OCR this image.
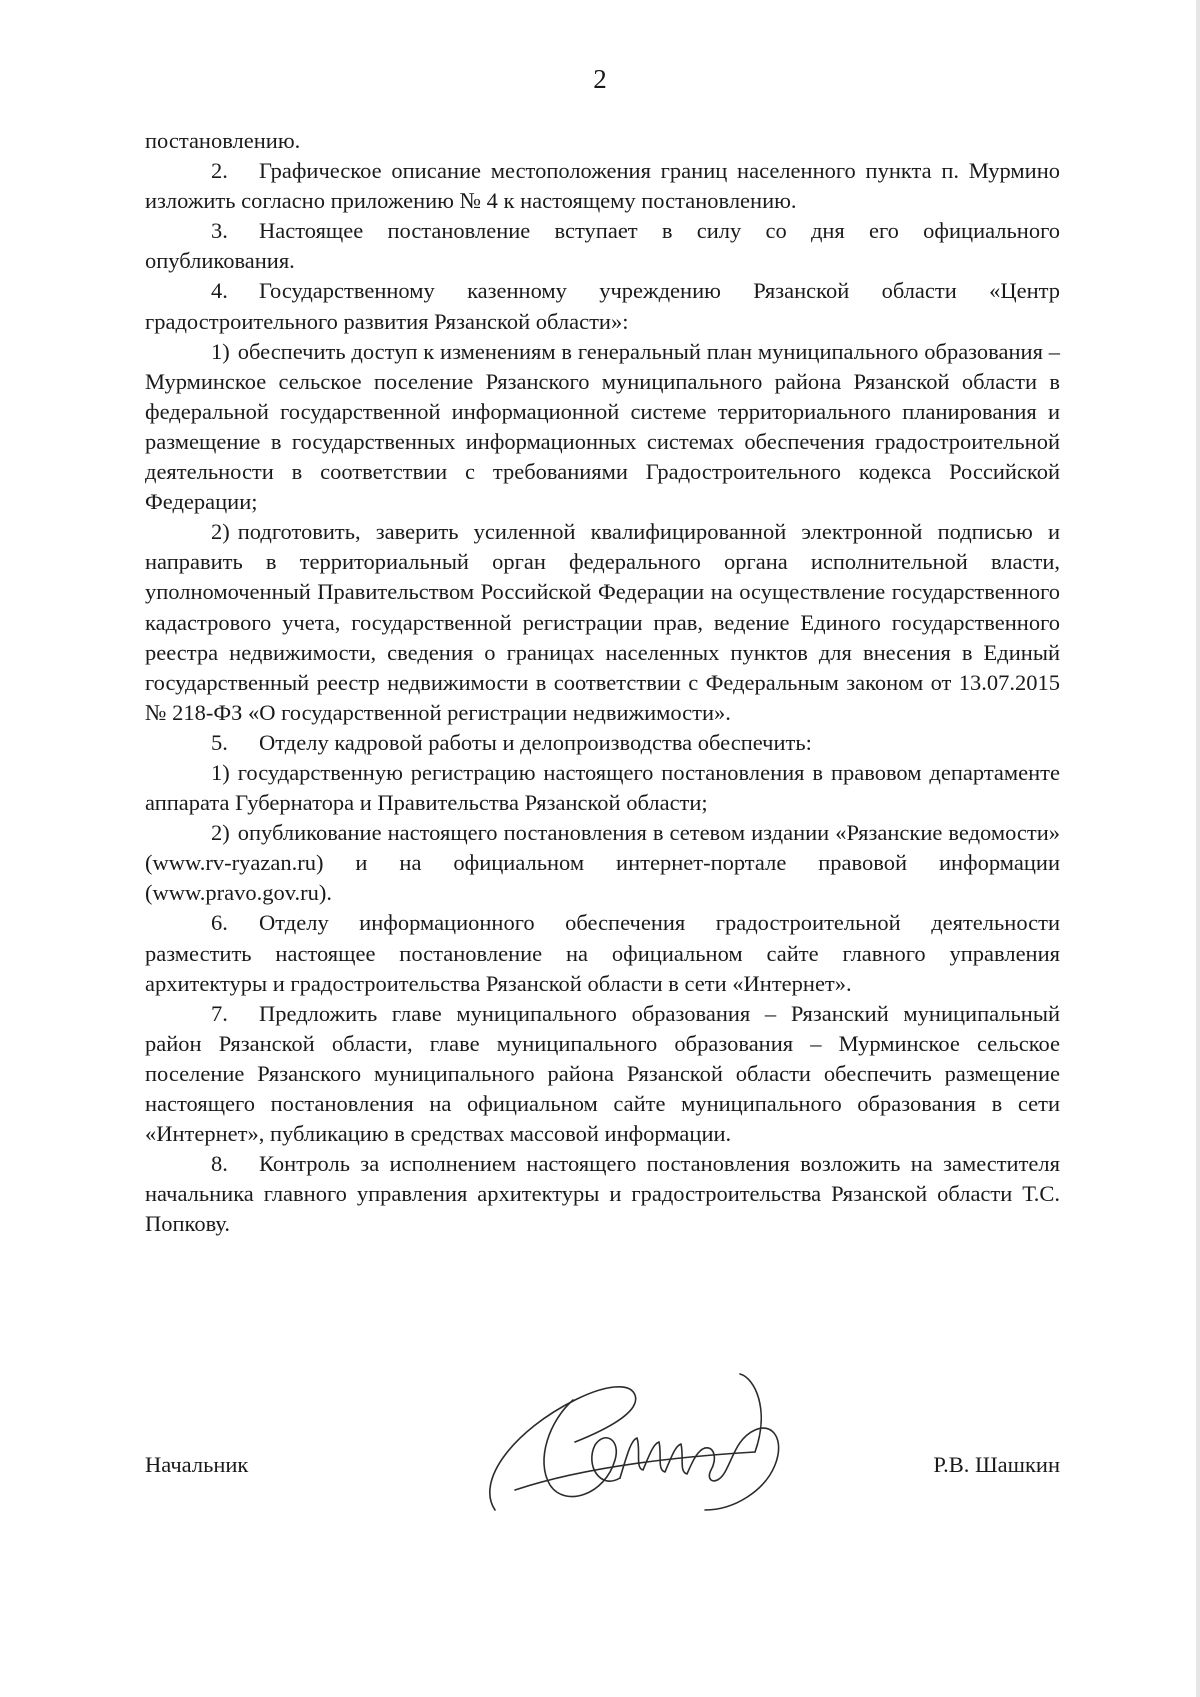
2

постановлению.

2. Графическое описание местоположения границ населенного пункта п. Мурмино изложить согласно приложению № 4 к настоящему постановлению.

3. Настоящее постановление вступает в силу со дня его официального опубликования.

4. Государственному казенному учреждению Рязанской области «Центр градостроительного развития Рязанской области»:

1) обеспечить доступ к изменениям в генеральный план муниципального образования – Мурминское сельское поселение Рязанского муниципального района Рязанской области в федеральной государственной информационной системе территориального планирования и размещение в государственных информационных системах обеспечения градостроительной деятельности в соответствии с требованиями Градостроительного кодекса Российской Федерации;

2) подготовить, заверить усиленной квалифицированной электронной подписью и направить в территориальный орган федерального органа исполнительной власти, уполномоченный Правительством Российской Федерации на осуществление государственного кадастрового учета, государственной регистрации прав, ведение Единого государственного реестра недвижимости, сведения о границах населенных пунктов для внесения в Единый государственный реестр недвижимости в соответствии с Федеральным законом от 13.07.2015 № 218-ФЗ «О государственной регистрации недвижимости».

5. Отделу кадровой работы и делопроизводства обеспечить:

1) государственную регистрацию настоящего постановления в правовом департаменте аппарата Губернатора и Правительства Рязанской области;

2) опубликование настоящего постановления в сетевом издании «Рязанские ведомости» (www.rv-ryazan.ru) и на официальном интернет-портале правовой информации (www.pravo.gov.ru).

6. Отделу информационного обеспечения градостроительной деятельности разместить настоящее постановление на официальном сайте главного управления архитектуры и градостроительства Рязанской области в сети «Интернет».

7. Предложить главе муниципального образования – Рязанский муниципальный район Рязанской области, главе муниципального образования – Мурминское сельское поселение Рязанского муниципального района Рязанской области обеспечить размещение настоящего постановления на официальном сайте муниципального образования в сети «Интернет», публикацию в средствах массовой информации.

8. Контроль за исполнением настоящего постановления возложить на заместителя начальника главного управления архитектуры и градостроительства Рязанской области Т.С. Попкову.

Начальник	Р.В. Шашкин
